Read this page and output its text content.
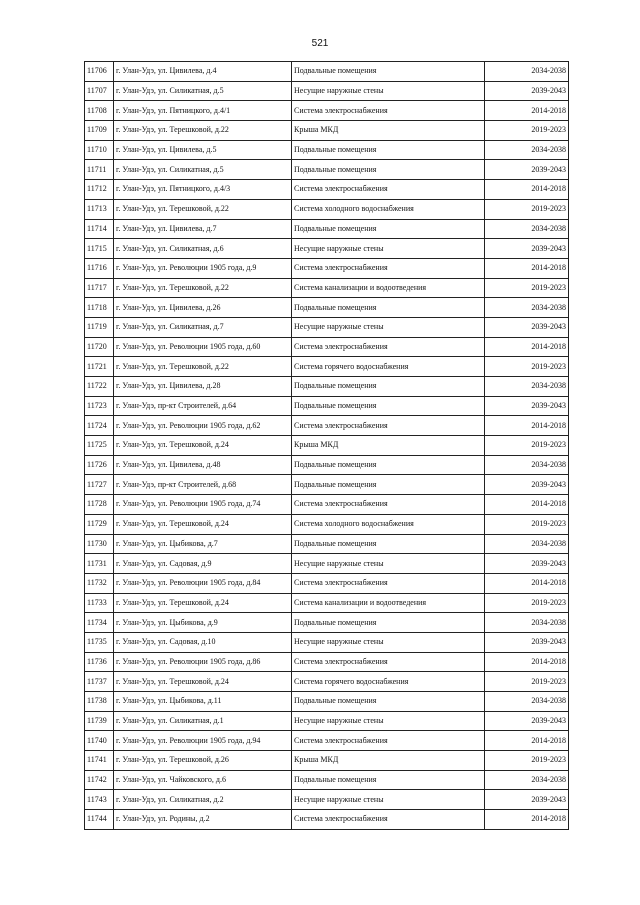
521
11706	г. Улан-Удэ, ул. Цивилева, д.4	Подвальные помещения	2034-2038
11707	г. Улан-Удэ, ул. Силикатная, д.5	Несущие наружные стены	2039-2043
11708	г. Улан-Удэ, ул. Пятницкого, д.4/1	Система электроснабжения	2014-2018
11709	г. Улан-Удэ, ул. Терешковой, д.22	Крыша МКД	2019-2023
11710	г. Улан-Удэ, ул. Цивилева, д.5	Подвальные помещения	2034-2038
11711	г. Улан-Удэ, ул. Силикатная, д.5	Подвальные помещения	2039-2043
11712	г. Улан-Удэ, ул. Пятницкого, д.4/3	Система электроснабжения	2014-2018
11713	г. Улан-Удэ, ул. Терешковой, д.22	Система холодного водоснабжения	2019-2023
11714	г. Улан-Удэ, ул. Цивилева, д.7	Подвальные помещения	2034-2038
11715	г. Улан-Удэ, ул. Силикатная, д.6	Несущие наружные стены	2039-2043
11716	г. Улан-Удэ, ул. Революции 1905 года, д.9	Система электроснабжения	2014-2018
11717	г. Улан-Удэ, ул. Терешковой, д.22	Система канализации и водоотведения	2019-2023
11718	г. Улан-Удэ, ул. Цивилева, д.26	Подвальные помещения	2034-2038
11719	г. Улан-Удэ, ул. Силикатная, д.7	Несущие наружные стены	2039-2043
11720	г. Улан-Удэ, ул. Революции 1905 года, д.60	Система электроснабжения	2014-2018
11721	г. Улан-Удэ, ул. Терешковой, д.22	Система горячего водоснабжения	2019-2023
11722	г. Улан-Удэ, ул. Цивилева, д.28	Подвальные помещения	2034-2038
11723	г. Улан-Удэ, пр-кт Строителей, д.64	Подвальные помещения	2039-2043
11724	г. Улан-Удэ, ул. Революции 1905 года, д.62	Система электроснабжения	2014-2018
11725	г. Улан-Удэ, ул. Терешковой, д.24	Крыша МКД	2019-2023
11726	г. Улан-Удэ, ул. Цивилева, д.48	Подвальные помещения	2034-2038
11727	г. Улан-Удэ, пр-кт Строителей, д.68	Подвальные помещения	2039-2043
11728	г. Улан-Удэ, ул. Революции 1905 года, д.74	Система электроснабжения	2014-2018
11729	г. Улан-Удэ, ул. Терешковой, д.24	Система холодного водоснабжения	2019-2023
11730	г. Улан-Удэ, ул. Цыбикова, д.7	Подвальные помещения	2034-2038
11731	г. Улан-Удэ, ул. Садовая, д.9	Несущие наружные стены	2039-2043
11732	г. Улан-Удэ, ул. Революции 1905 года, д.84	Система электроснабжения	2014-2018
11733	г. Улан-Удэ, ул. Терешковой, д.24	Система канализации и водоотведения	2019-2023
11734	г. Улан-Удэ, ул. Цыбикова, д.9	Подвальные помещения	2034-2038
11735	г. Улан-Удэ, ул. Садовая, д.10	Несущие наружные стены	2039-2043
11736	г. Улан-Удэ, ул. Революции 1905 года, д.86	Система электроснабжения	2014-2018
11737	г. Улан-Удэ, ул. Терешковой, д.24	Система горячего водоснабжения	2019-2023
11738	г. Улан-Удэ, ул. Цыбикова, д.11	Подвальные помещения	2034-2038
11739	г. Улан-Удэ, ул. Силикатная, д.1	Несущие наружные стены	2039-2043
11740	г. Улан-Удэ, ул. Революции 1905 года, д.94	Система электроснабжения	2014-2018
11741	г. Улан-Удэ, ул. Терешковой, д.26	Крыша МКД	2019-2023
11742	г. Улан-Удэ, ул. Чайковского, д.6	Подвальные помещения	2034-2038
11743	г. Улан-Удэ, ул. Силикатная, д.2	Несущие наружные стены	2039-2043
11744	г. Улан-Удэ, ул. Родины, д.2	Система электроснабжения	2014-2018
